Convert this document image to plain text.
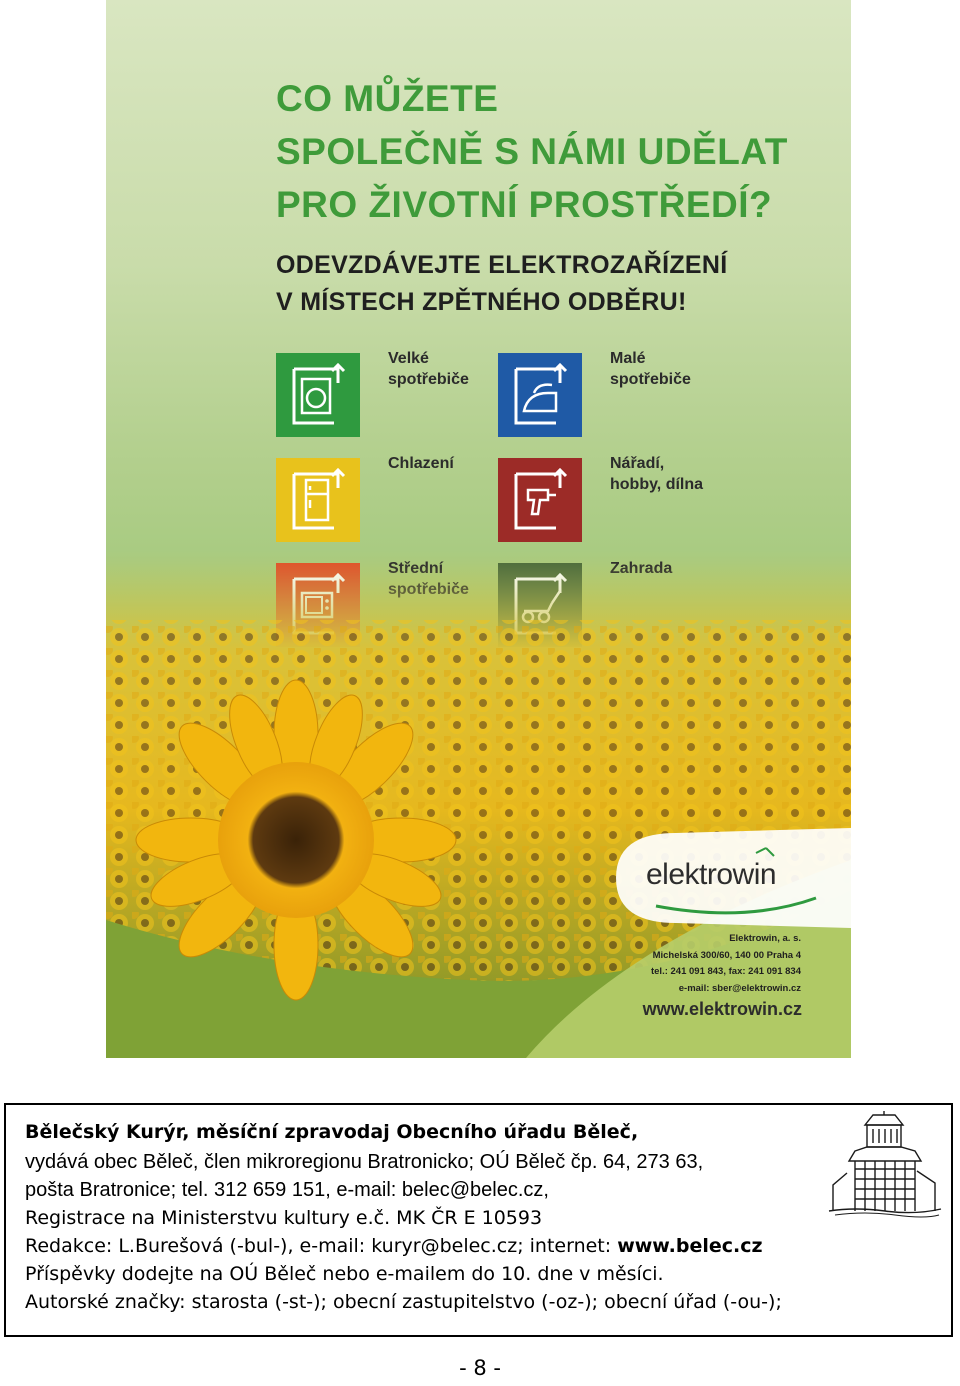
CO MŮŽETE
SPOLEČNĚ S NÁMI UDĚLAT
PRO ŽIVOTNÍ PROSTŘEDÍ?
ODEVZDÁVEJTE ELEKTROZAŘÍZENÍ
V MÍSTECH ZPĚTNÉHO ODBĚRU!
Velké
spotřebiče
Malé
spotřebiče
Chlazení	Nářadí,
hobby, dílna
elektrowin
Elektrowin, a. s.
Michelská 300/60, 140 00 Praha 4
tel.: 241 091 843, fax: 241 091 834
e-mail: sber@elektrowin.cz
www.elektrowin.cz
Bělečský Kurýr, měsíční zpravodaj Obecního úřadu Běleč,
vydává obec Běleč, člen mikroregionu Bratronicko; OÚ Běleč čp. 64, 273 63,
pošta Bratronice; tel. 312 659 151, e-mail: belec@belec.cz,
Registrace na Ministerstvu kultury e.č. MK ČR E 10593
Redakce: L.Burešová (-bul-), e-mail: kuryr@belec.cz; internet: www.belec.cz
Příspěvky dodejte na OÚ Běleč nebo e-mailem do 10. dne v měsíci.
Autorské značky: starosta (-st-); obecní zastupitelstvo (-oz-); obecní úřad (-ou-);
- 8 -
